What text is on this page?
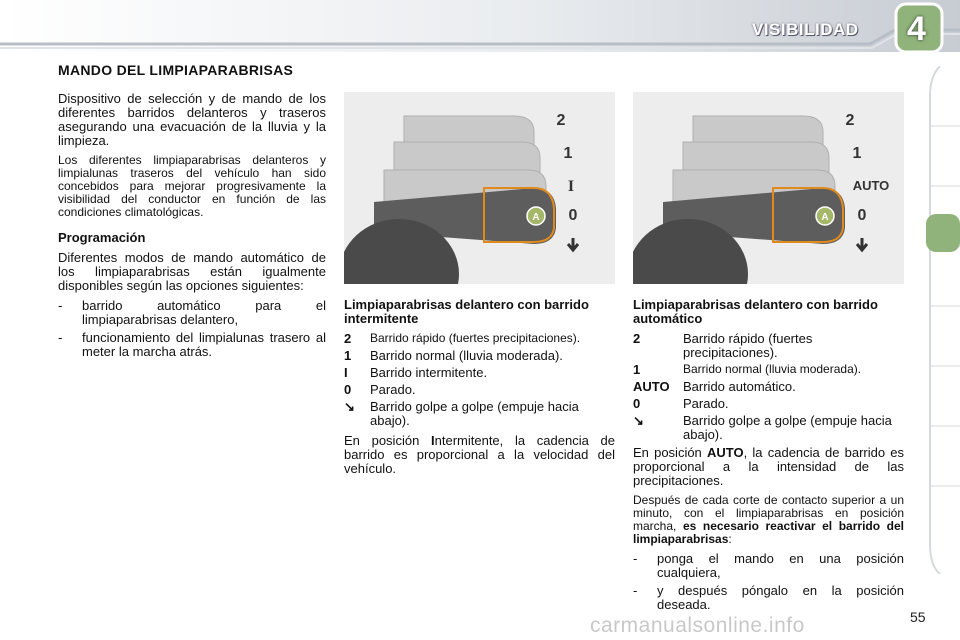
VISIBILIDAD 4
MANDO DEL LIMPIAPARABRISAS

Dispositivo de selección y de mando de los diferentes barridos delanteros y traseros asegurando una evacuación de la lluvia y la limpieza.

Los diferentes limpiaparabrisas delanteros y limpialunas traseros del vehículo han sido concebidos para mejorar progresivamente la visibilidad del conductor en función de las condiciones climatológicas.

Programación

Diferentes modos de mando automático de los limpiaparabrisas están igualmente disponibles según las opciones siguientes:

-	barrido automático para el limpiaparabrisas delantero,
-	funcionamiento del limpialunas trasero al meter la marcha atrás.
A
2
1
I
0	A
2
1
AUTO
0
Limpiaparabrisas delantero con barrido intermitente
2	Barrido rápido (fuertes precipitaciones).
1	Barrido normal (lluvia moderada).
I	Barrido intermitente.
0	Parado.
↘	Barrido golpe a golpe (empuje hacia abajo).

En posición Intermitente, la cadencia de barrido es proporcional a la velocidad del vehículo.

Limpiaparabrisas delantero con barrido automático
2	Barrido rápido (fuertes precipitaciones).
1	Barrido normal (lluvia moderada).
AUTO	Barrido automático.
0	Parado.
↘	Barrido golpe a golpe (empuje hacia abajo).

En posición AUTO, la cadencia de barrido es proporcional a la intensidad de las precipitaciones.

Después de cada corte de contacto superior a un minuto, con el limpiaparabrisas en posición marcha, es necesario reactivar el barrido del limpiaparabrisas:

-	ponga el mando en una posición cualquiera,
-	y después póngalo en la posición deseada.
55
carmanualsonline.info
